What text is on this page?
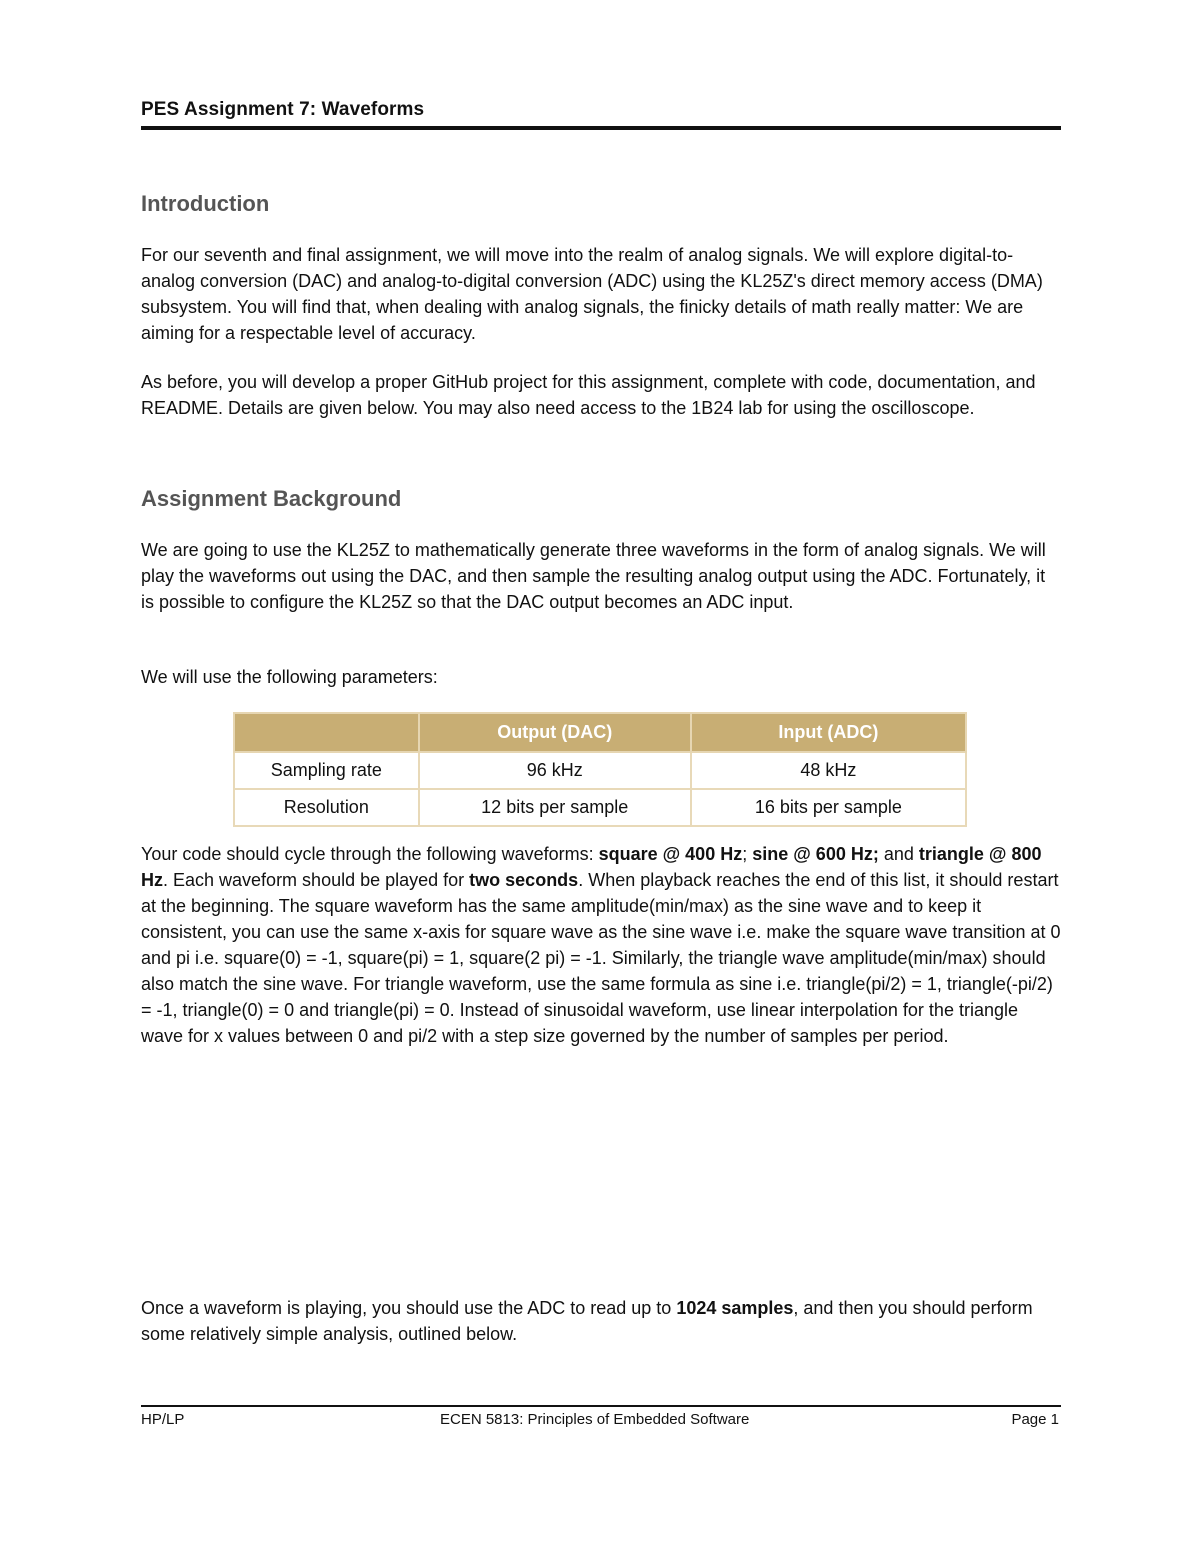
PES Assignment 7: Waveforms
Introduction

For our seventh and final assignment, we will move into the realm of analog signals. We will explore digital-to-analog conversion (DAC) and analog-to-digital conversion (ADC) using the KL25Z's direct memory access (DMA) subsystem. You will find that, when dealing with analog signals, the finicky details of math really matter: We are aiming for a respectable level of accuracy.

As before, you will develop a proper GitHub project for this assignment, complete with code, documentation, and README. Details are given below. You may also need access to the 1B24 lab for using the oscilloscope.

Assignment Background

We are going to use the KL25Z to mathematically generate three waveforms in the form of analog signals. We will play the waveforms out using the DAC, and then sample the resulting analog output using the ADC. Fortunately, it is possible to configure the KL25Z so that the DAC output becomes an ADC input.

We will use the following parameters:

	Output (DAC)	Input (ADC)
Sampling rate	96 kHz	48 kHz
Resolution	12 bits per sample	16 bits per sample

Your code should cycle through the following waveforms: square @ 400 Hz; sine @ 600 Hz; and triangle @ 800 Hz. Each waveform should be played for two seconds. When playback reaches the end of this list, it should restart at the beginning. The square waveform has the same amplitude(min/max) as the sine wave and to keep it consistent, you can use the same x-axis for square wave as the sine wave i.e. make the square wave transition at 0 and pi i.e. square(0) = -1, square(pi) = 1, square(2 pi) = -1. Similarly, the triangle wave amplitude(min/max) should also match the sine wave. For triangle waveform, use the same formula as sine i.e. triangle(pi/2) = 1, triangle(-pi/2) = -1, triangle(0) = 0 and triangle(pi) = 0. Instead of sinusoidal waveform, use linear interpolation for the triangle wave for x values between 0 and pi/2 with a step size governed by the number of samples per period.

Once a waveform is playing, you should use the ADC to read up to 1024 samples, and then you should perform some relatively simple analysis, outlined below.

HP/LP	ECEN 5813: Principles of Embedded Software	Page 1
